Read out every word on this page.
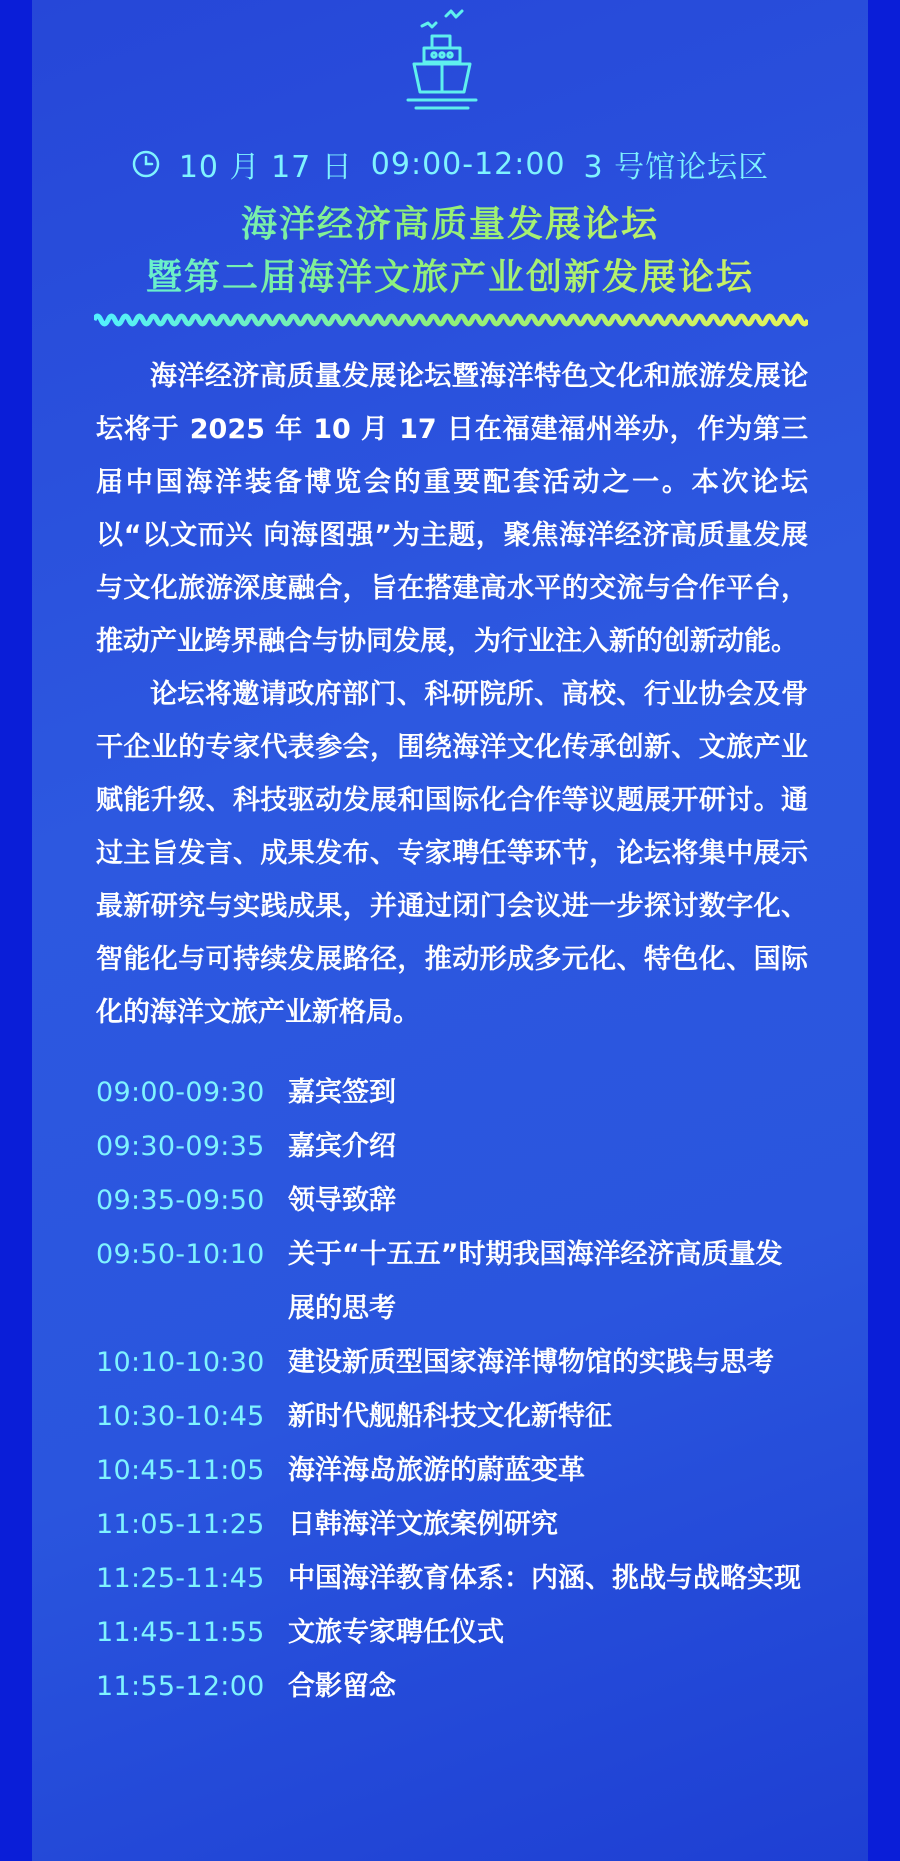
10 月 17 日 09:00-12:00 3 号馆论坛区
海洋经济高质量发展论坛
暨第二届海洋文旅产业创新发展论坛

海洋经济高质量发展论坛暨海洋特色文化和旅游发展论坛将于 2025 年 10 月 17 日在福建福州举办，作为第三届中国海洋装备博览会的重要配套活动之一。本次论坛以“以文而兴 向海图强”为主题，聚焦海洋经济高质量发展与文化旅游深度融合，旨在搭建高水平的交流与合作平台，推动产业跨界融合与协同发展，为行业注入新的创新动能。

论坛将邀请政府部门、科研院所、高校、行业协会及骨干企业的专家代表参会，围绕海洋文化传承创新、文旅产业赋能升级、科技驱动发展和国际化合作等议题展开研讨。通过主旨发言、成果发布、专家聘任等环节，论坛将集中展示最新研究与实践成果，并通过闭门会议进一步探讨数字化、智能化与可持续发展路径，推动形成多元化、特色化、国际化的海洋文旅产业新格局。

09:00-09:30 嘉宾签到
09:30-09:35 嘉宾介绍
09:35-09:50 领导致辞
09:50-10:10 关于“十五五”时期我国海洋经济高质量发展的思考
10:10-10:30 建设新质型国家海洋博物馆的实践与思考
10:30-10:45 新时代舰船科技文化新特征
10:45-11:05 海洋海岛旅游的蔚蓝变革
11:05-11:25 日韩海洋文旅案例研究
11:25-11:45 中国海洋教育体系：内涵、挑战与战略实现
11:45-11:55 文旅专家聘任仪式
11:55-12:00 合影留念
